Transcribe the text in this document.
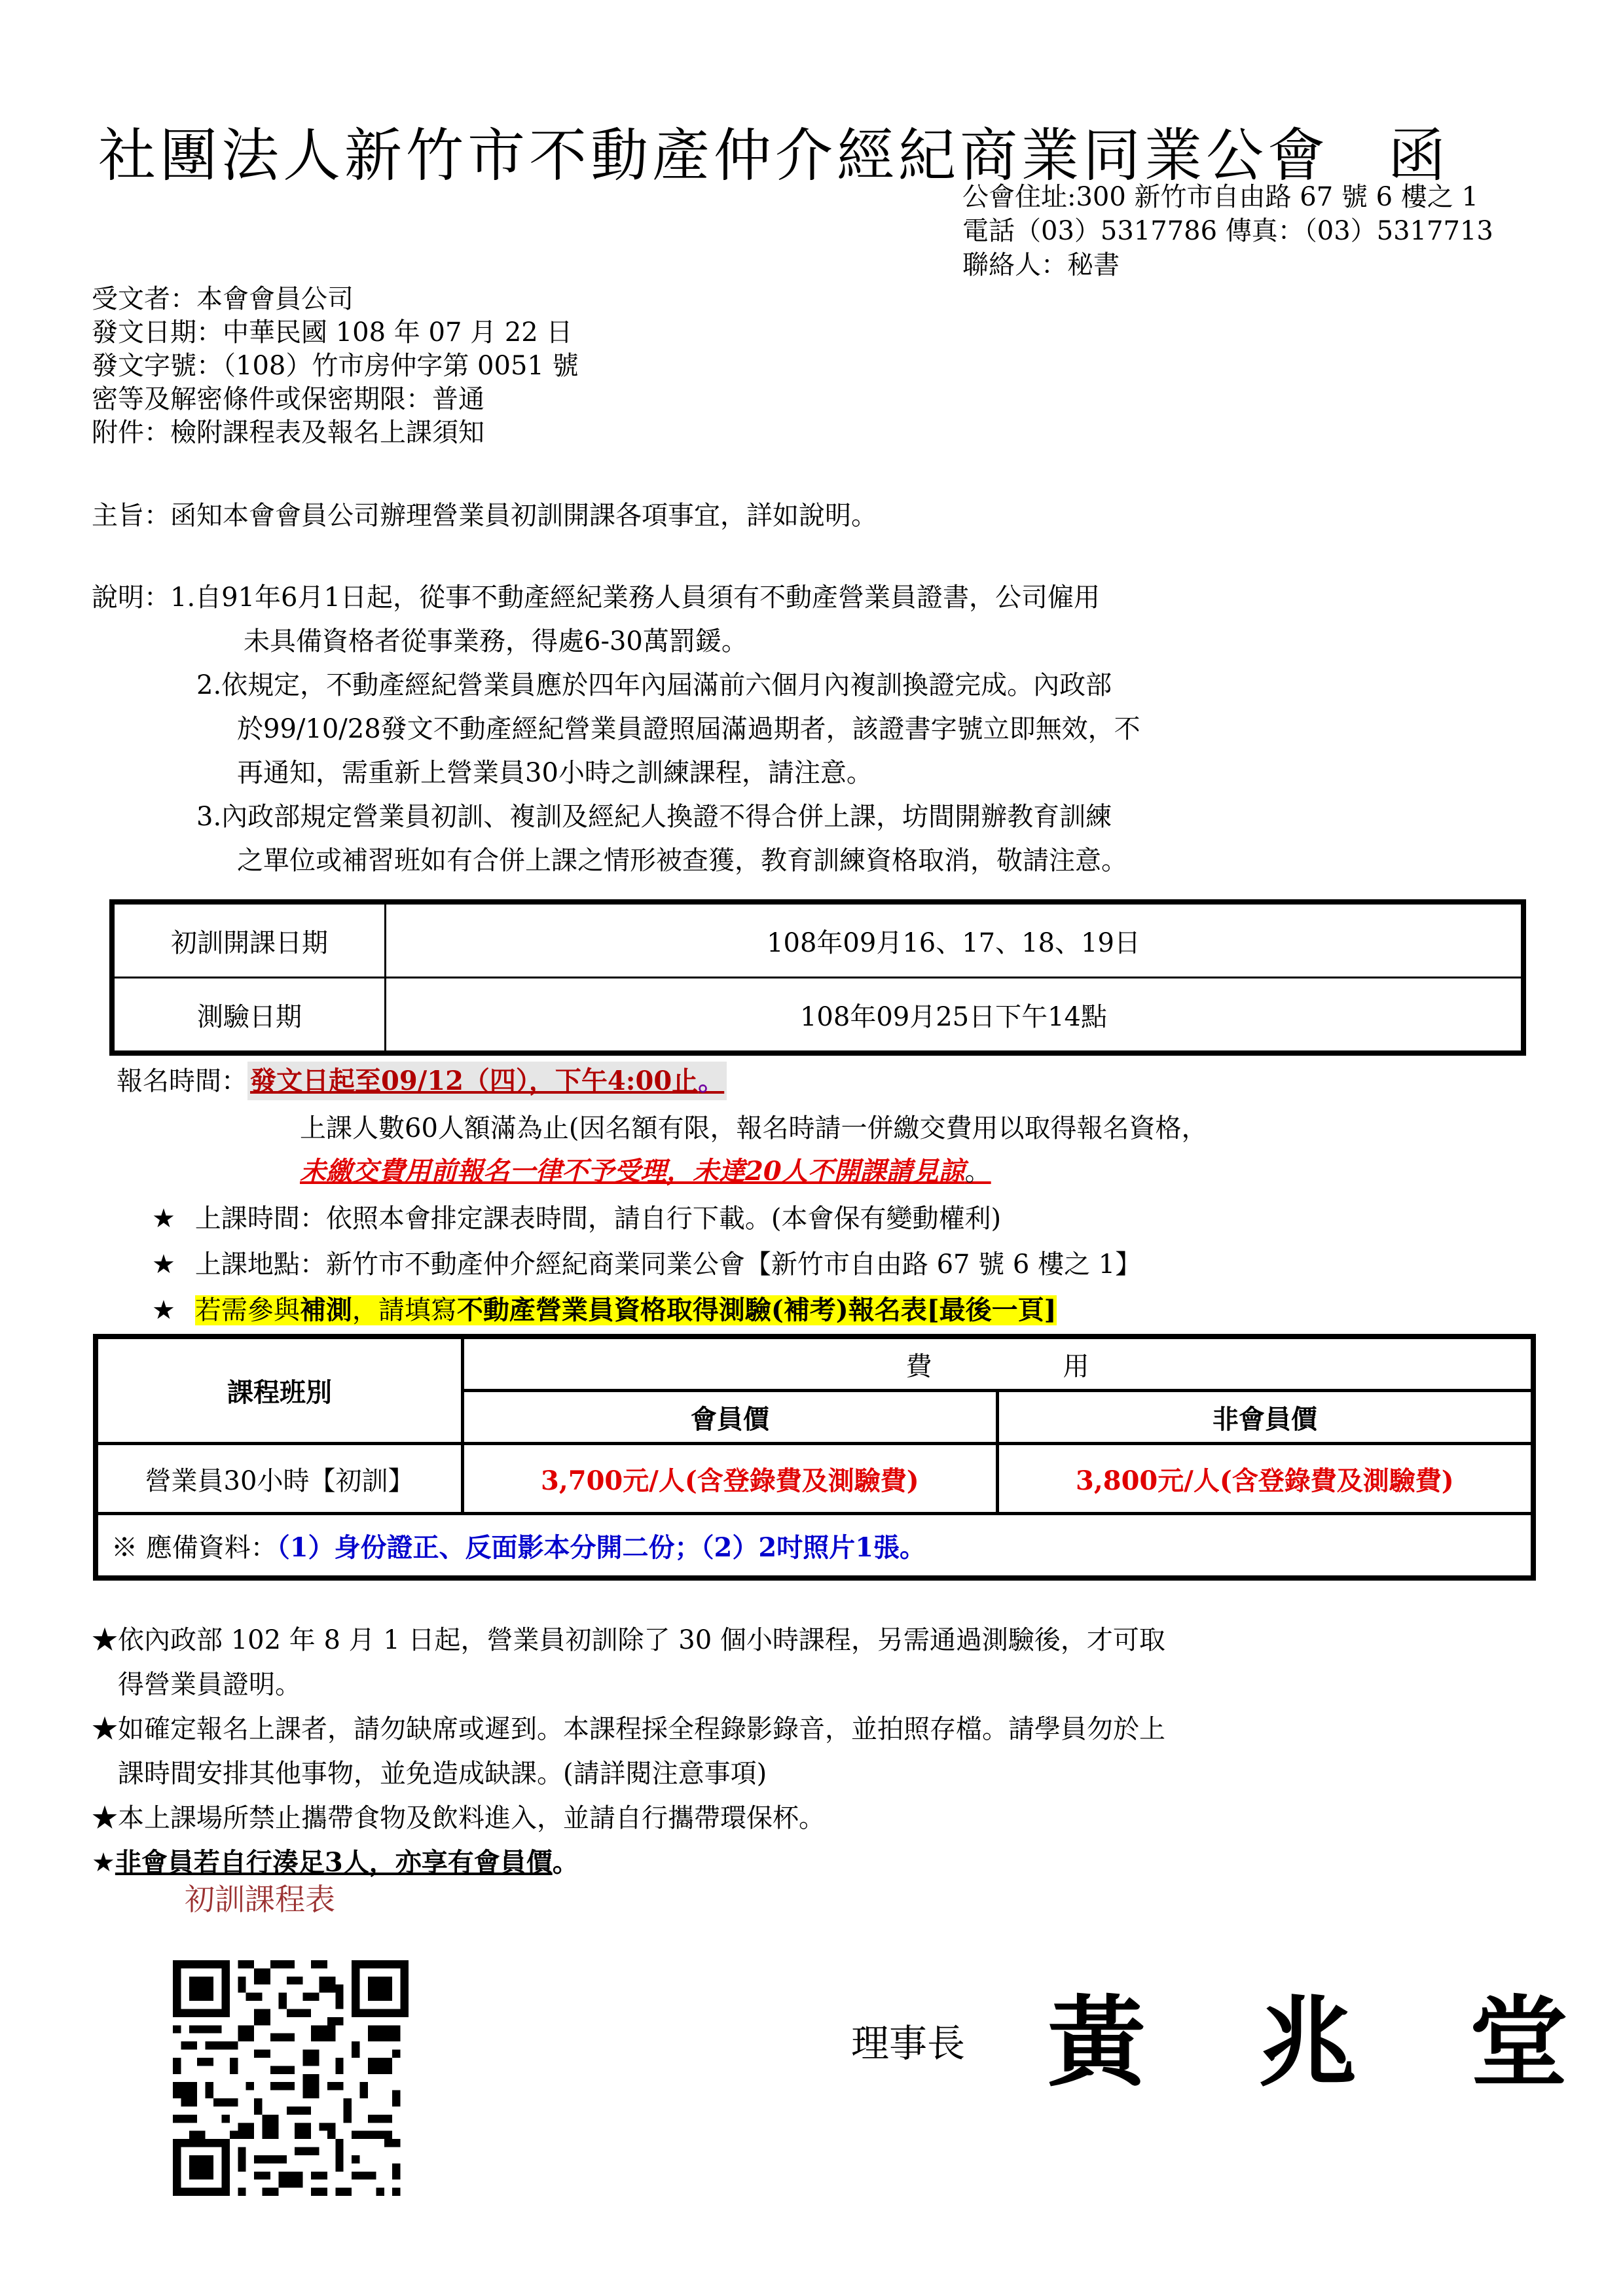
社團法人新竹市不動產仲介經紀商業同業公會 函
公會住址:300 新竹市自由路 67 號 6 樓之 1
電話（03）5317786 傳真：（03）5317713
聯絡人：秘書
受文者：本會會員公司
發文日期：中華民國 108 年 07 月 22 日
發文字號：（108）竹市房仲字第 0051 號
密等及解密條件或保密期限：普通
附件：檢附課程表及報名上課須知
主旨：函知本會會員公司辦理營業員初訓開課各項事宜，詳如說明。
說明：1.自91年6月1日起，從事不動產經紀業務人員須有不動產營業員證書，公司僱用
未具備資格者從事業務，得處6-30萬罰鍰。
2.依規定，不動產經紀營業員應於四年內屆滿前六個月內複訓換證完成。內政部
於99/10/28發文不動產經紀營業員證照屆滿過期者，該證書字號立即無效，不
再通知，需重新上營業員30小時之訓練課程，請注意。
3.內政部規定營業員初訓、複訓及經紀人換證不得合併上課，坊間開辦教育訓練
之單位或補習班如有合併上課之情形被查獲，教育訓練資格取消，敬請注意。
初訓開課日期	108年09月16、17、18、19日
測驗日期	108年09月25日下午14點
報名時間： 發文日起至09/12（四），下午4:00止。
上課人數60人額滿為止(因名額有限，報名時請一併繳交費用以取得報名資格，
未繳交費用前報名一律不予受理，未達20人不開課請見諒。
★ 上課時間：依照本會排定課表時間，請自行下載。(本會保有變動權利)
★ 上課地點：新竹市不動產仲介經紀商業同業公會【新竹市自由路 67 號 6 樓之 1】
★ 若需參與補測，請填寫不動產營業員資格取得測驗(補考)報名表[最後一頁]
課程班別	費　　　　　用	
	會員價	非會員價
營業員30小時【初訓】	3,700元/人(含登錄費及測驗費)	3,800元/人(含登錄費及測驗費)
※ 應備資料：（1）身份證正、反面影本分開二份；（2）2吋照片1張。		
★依內政部 102 年 8 月 1 日起，營業員初訓除了 30 個小時課程，另需通過測驗後，才可取
得營業員證明。
★如確定報名上課者，請勿缺席或遲到。本課程採全程錄影錄音，並拍照存檔。請學員勿於上
課時間安排其他事物，並免造成缺課。(請詳閱注意事項)
★本上課場所禁止攜帶食物及飲料進入，並請自行攜帶環保杯。
★非會員若自行湊足3人，亦享有會員價。
初訓課程表
理事長 黃 兆 堂
